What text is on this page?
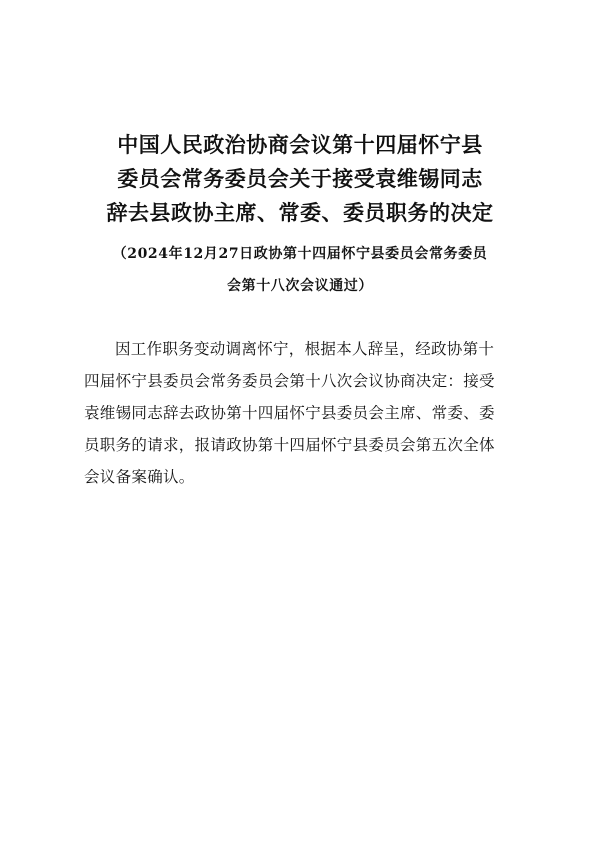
中国人民政治协商会议第十四届怀宁县
委员会常务委员会关于接受袁维锡同志
辞去县政协主席、常委、委员职务的决定
（2024年12月27日政协第十四届怀宁县委员会常务委员
会第十八次会议通过）
因工作职务变动调离怀宁，根据本人辞呈，经政协第十
四届怀宁县委员会常务委员会第十八次会议协商决定：接受
袁维锡同志辞去政协第十四届怀宁县委员会主席、常委、委
员职务的请求，报请政协第十四届怀宁县委员会第五次全体
会议备案确认。
